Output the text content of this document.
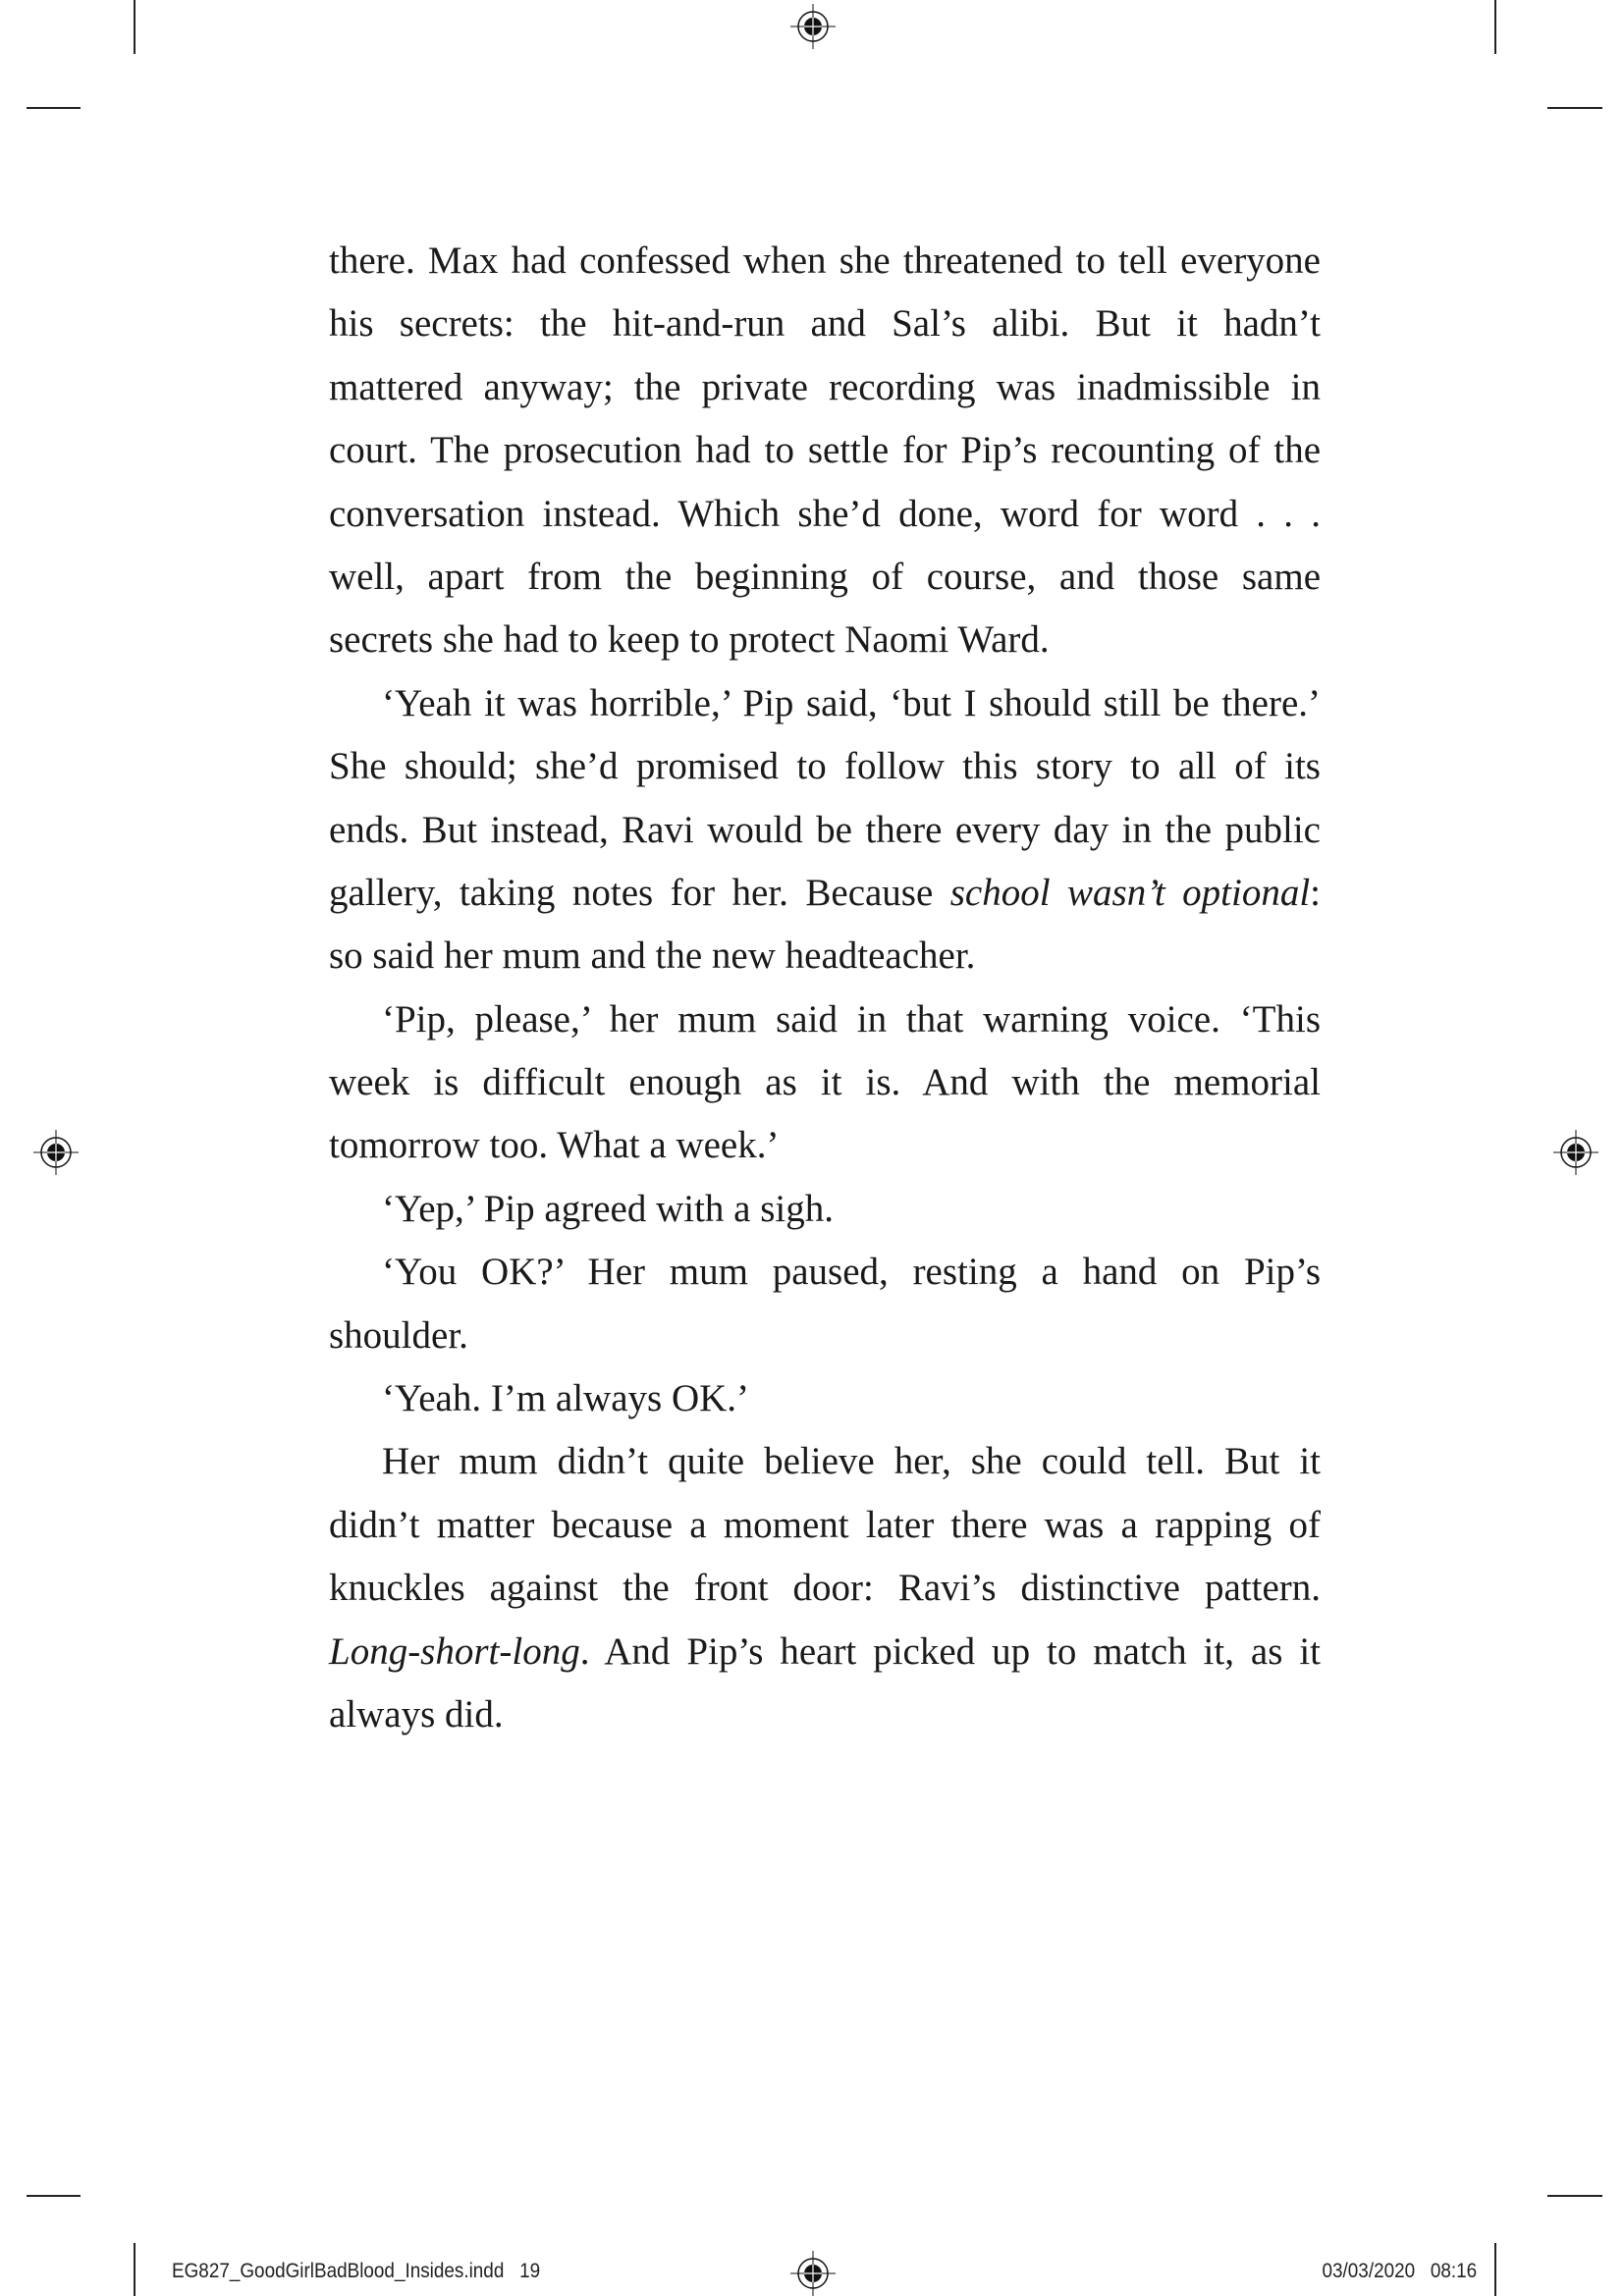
there. Max had confessed when she threatened to tell everyone
his secrets: the hit-and-run and Sal’s alibi. But it hadn’t
mattered anyway; the private recording was inadmissible in
court. The prosecution had to settle for Pip’s recounting of the
conversation instead. Which she’d done, word for word . . .
well, apart from the beginning of course, and those same
secrets she had to keep to protect Naomi Ward.
‘Yeah it was horrible,’ Pip said, ‘but I should still be there.’
She should; she’d promised to follow this story to all of its
ends. But instead, Ravi would be there every day in the public
gallery, taking notes for her. Because school wasn’t optional:
so said her mum and the new headteacher.
‘Pip, please,’ her mum said in that warning voice. ‘This
week is difficult enough as it is. And with the memorial
tomorrow too. What a week.’
‘Yep,’ Pip agreed with a sigh.
‘You OK?’ Her mum paused, resting a hand on Pip’s
shoulder.
‘Yeah. I’m always OK.’
Her mum didn’t quite believe her, she could tell. But it
didn’t matter because a moment later there was a rapping of
knuckles against the front door: Ravi’s distinctive pattern.
Long-short-long. And Pip’s heart picked up to match it, as it
always did.
EG827_GoodGirlBadBlood_Insides.indd   19	03/03/2020   08:16
